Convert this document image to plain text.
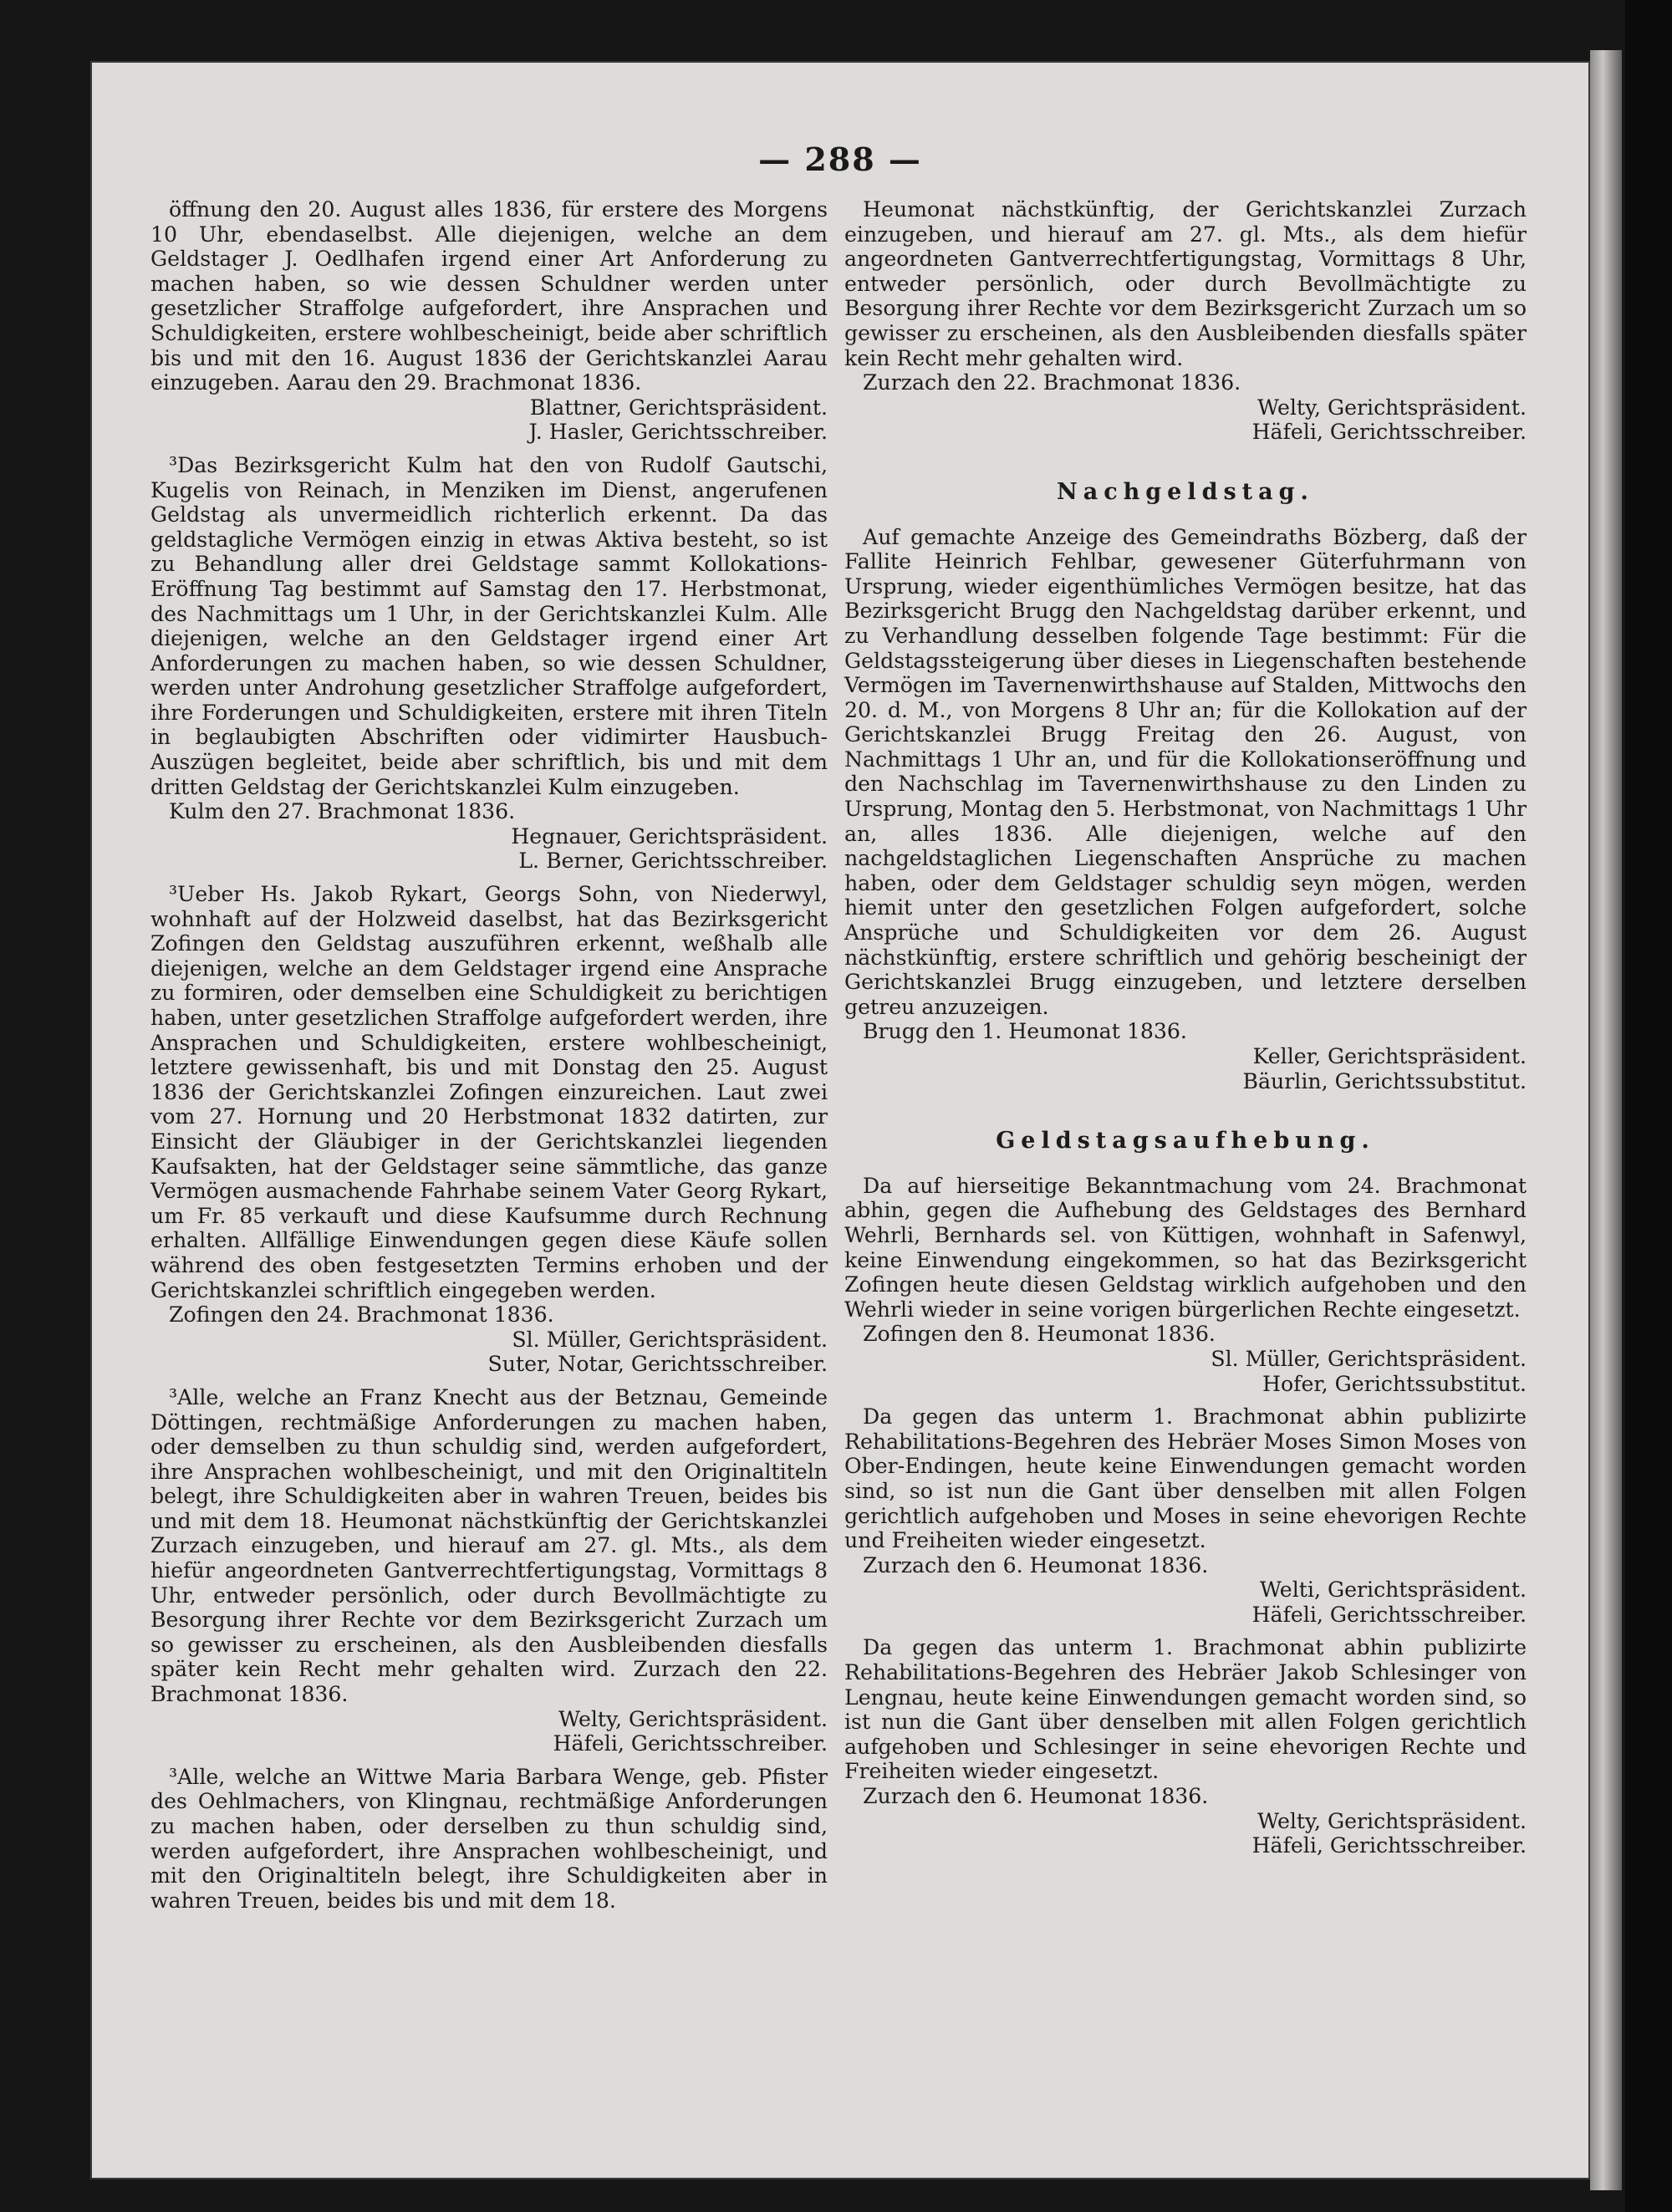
— 288 —

öffnung den 20. August alles 1836, für erstere des Morgens 10 Uhr, ebendaselbst. Alle diejenigen, welche an dem Geldstager J. Oedlhafen irgend einer Art Anforderung zu machen haben, so wie dessen Schuldner werden unter gesetzlicher Straffolge aufgefordert, ihre Ansprachen und Schuldigkeiten, erstere wohlbescheinigt, beide aber schriftlich bis und mit den 16. August 1836 der Gerichtskanzlei Aarau einzugeben. Aarau den 29. Brachmonat 1836.

Blattner, Gerichtspräsident.

J. Hasler, Gerichtsschreiber.

³Das Bezirksgericht Kulm hat den von Rudolf Gautschi, Kugelis von Reinach, in Menziken im Dienst, angerufenen Geldstag als unvermeidlich richterlich erkennt. Da das geldstagliche Vermögen einzig in etwas Aktiva besteht, so ist zu Behandlung aller drei Geldstage sammt Kollokations-Eröffnung Tag bestimmt auf Samstag den 17. Herbstmonat, des Nachmittags um 1 Uhr, in der Gerichtskanzlei Kulm. Alle diejenigen, welche an den Geldstager irgend einer Art Anforderungen zu machen haben, so wie dessen Schuldner, werden unter Androhung gesetzlicher Straffolge aufgefordert, ihre Forderungen und Schuldigkeiten, erstere mit ihren Titeln in beglaubigten Abschriften oder vidimirter Hausbuch-Auszügen begleitet, beide aber schriftlich, bis und mit dem dritten Geldstag der Gerichtskanzlei Kulm einzugeben.

Kulm den 27. Brachmonat 1836.

Hegnauer, Gerichtspräsident.

L. Berner, Gerichtsschreiber.

³Ueber Hs. Jakob Rykart, Georgs Sohn, von Niederwyl, wohnhaft auf der Holzweid daselbst, hat das Bezirksgericht Zofingen den Geldstag auszuführen erkennt, weßhalb alle diejenigen, welche an dem Geldstager irgend eine Ansprache zu formiren, oder demselben eine Schuldigkeit zu berichtigen haben, unter gesetzlichen Straffolge aufgefordert werden, ihre Ansprachen und Schuldigkeiten, erstere wohlbescheinigt, letztere gewissenhaft, bis und mit Donstag den 25. August 1836 der Gerichtskanzlei Zofingen einzureichen. Laut zwei vom 27. Hornung und 20 Herbstmonat 1832 datirten, zur Einsicht der Gläubiger in der Gerichtskanzlei liegenden Kaufsakten, hat der Geldstager seine sämmtliche, das ganze Vermögen ausmachende Fahrhabe seinem Vater Georg Rykart, um Fr. 85 verkauft und diese Kaufsumme durch Rechnung erhalten. Allfällige Einwendungen gegen diese Käufe sollen während des oben festgesetzten Termins erhoben und der Gerichtskanzlei schriftlich eingegeben werden.

Zofingen den 24. Brachmonat 1836.

Sl. Müller, Gerichtspräsident.

Suter, Notar, Gerichtsschreiber.

³Alle, welche an Franz Knecht aus der Betznau, Gemeinde Döttingen, rechtmäßige Anforderungen zu machen haben, oder demselben zu thun schuldig sind, werden aufgefordert, ihre Ansprachen wohlbescheinigt, und mit den Originaltiteln belegt, ihre Schuldigkeiten aber in wahren Treuen, beides bis und mit dem 18. Heumonat nächstkünftig der Gerichtskanzlei Zurzach einzugeben, und hierauf am 27. gl. Mts., als dem hiefür angeordneten Gantverrechtfertigungstag, Vormittags 8 Uhr, entweder persönlich, oder durch Bevollmächtigte zu Besorgung ihrer Rechte vor dem Bezirksgericht Zurzach um so gewisser zu erscheinen, als den Ausbleibenden diesfalls später kein Recht mehr gehalten wird. Zurzach den 22. Brachmonat 1836.

Welty, Gerichtspräsident.

Häfeli, Gerichtsschreiber.

³Alle, welche an Wittwe Maria Barbara Wenge, geb. Pfister des Oehlmachers, von Klingnau, rechtmäßige Anforderungen zu machen haben, oder derselben zu thun schuldig sind, werden aufgefordert, ihre Ansprachen wohlbescheinigt, und mit den Originaltiteln belegt, ihre Schuldigkeiten aber in wahren Treuen, beides bis und mit dem 18.

Heumonat nächstkünftig, der Gerichtskanzlei Zurzach einzugeben, und hierauf am 27. gl. Mts., als dem hiefür angeordneten Gantverrechtfertigungstag, Vormittags 8 Uhr, entweder persönlich, oder durch Bevollmächtigte zu Besorgung ihrer Rechte vor dem Bezirksgericht Zurzach um so gewisser zu erscheinen, als den Ausbleibenden diesfalls später kein Recht mehr gehalten wird.

Zurzach den 22. Brachmonat 1836.

Welty, Gerichtspräsident.

Häfeli, Gerichtsschreiber.

Nachgeldstag.

Auf gemachte Anzeige des Gemeindraths Bözberg, daß der Fallite Heinrich Fehlbar, gewesener Güterfuhrmann von Ursprung, wieder eigenthümliches Vermögen besitze, hat das Bezirksgericht Brugg den Nachgeldstag darüber erkennt, und zu Verhandlung desselben folgende Tage bestimmt: Für die Geldstagssteigerung über dieses in Liegenschaften bestehende Vermögen im Tavernenwirthshause auf Stalden, Mittwochs den 20. d. M., von Morgens 8 Uhr an; für die Kollokation auf der Gerichtskanzlei Brugg Freitag den 26. August, von Nachmittags 1 Uhr an, und für die Kollokationseröffnung und den Nachschlag im Tavernenwirthshause zu den Linden zu Ursprung, Montag den 5. Herbstmonat, von Nachmittags 1 Uhr an, alles 1836. Alle diejenigen, welche auf den nachgeldstaglichen Liegenschaften Ansprüche zu machen haben, oder dem Geldstager schuldig seyn mögen, werden hiemit unter den gesetzlichen Folgen aufgefordert, solche Ansprüche und Schuldigkeiten vor dem 26. August nächstkünftig, erstere schriftlich und gehörig bescheinigt der Gerichtskanzlei Brugg einzugeben, und letztere derselben getreu anzuzeigen.

Brugg den 1. Heumonat 1836.

Keller, Gerichtspräsident.

Bäurlin, Gerichtssubstitut.

Geldstagsaufhebung.

Da auf hierseitige Bekanntmachung vom 24. Brachmonat abhin, gegen die Aufhebung des Geldstages des Bernhard Wehrli, Bernhards sel. von Küttigen, wohnhaft in Safenwyl, keine Einwendung eingekommen, so hat das Bezirksgericht Zofingen heute diesen Geldstag wirklich aufgehoben und den Wehrli wieder in seine vorigen bürgerlichen Rechte eingesetzt.

Zofingen den 8. Heumonat 1836.

Sl. Müller, Gerichtspräsident.

Hofer, Gerichtssubstitut.

Da gegen das unterm 1. Brachmonat abhin publizirte Rehabilitations-Begehren des Hebräer Moses Simon Moses von Ober-Endingen, heute keine Einwendungen gemacht worden sind, so ist nun die Gant über denselben mit allen Folgen gerichtlich aufgehoben und Moses in seine ehevorigen Rechte und Freiheiten wieder eingesetzt.

Zurzach den 6. Heumonat 1836.

Welti, Gerichtspräsident.

Häfeli, Gerichtsschreiber.

Da gegen das unterm 1. Brachmonat abhin publizirte Rehabilitations-Begehren des Hebräer Jakob Schlesinger von Lengnau, heute keine Einwendungen gemacht worden sind, so ist nun die Gant über denselben mit allen Folgen gerichtlich aufgehoben und Schlesinger in seine ehevorigen Rechte und Freiheiten wieder eingesetzt.

Zurzach den 6. Heumonat 1836.

Welty, Gerichtspräsident.

Häfeli, Gerichtsschreiber.
